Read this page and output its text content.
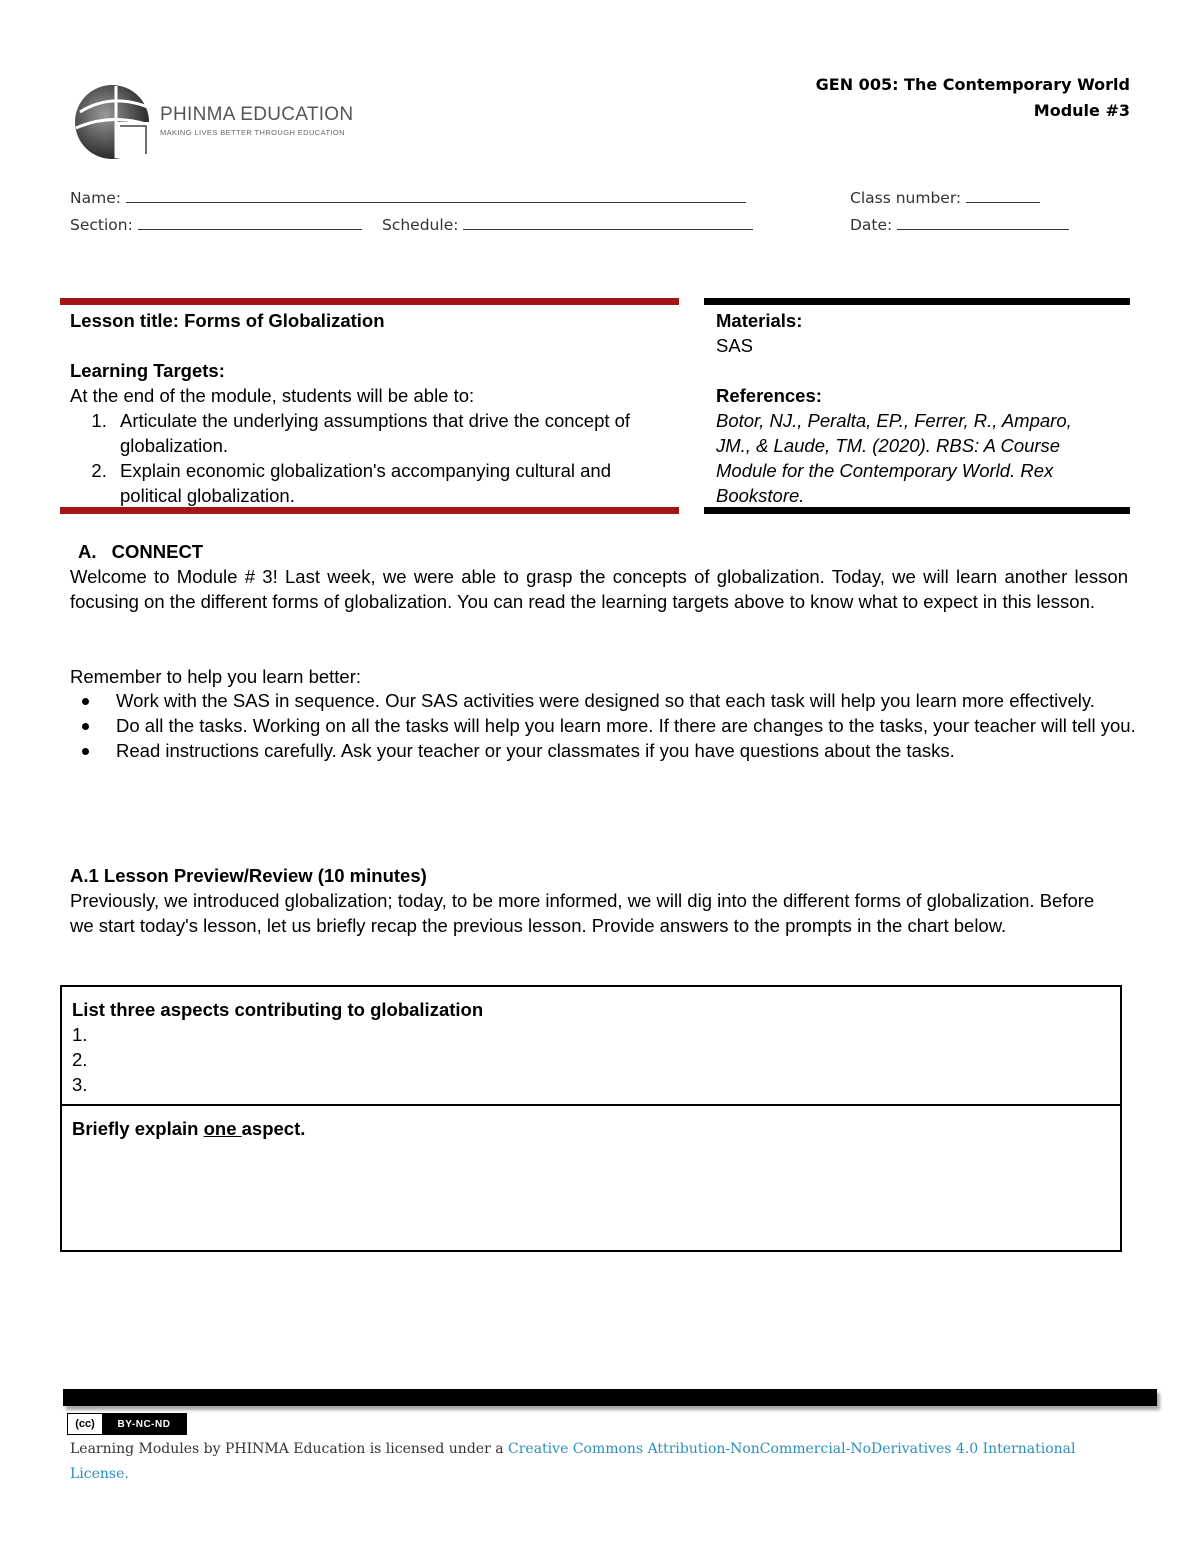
PHINMA EDUCATION
MAKING LIVES BETTER THROUGH EDUCATION
GEN 005: The Contemporary World
Module #3
Name:	Class number:
Section:	Schedule:	Date:
Lesson title: Forms of Globalization
Learning Targets:
At the end of the module, students will be able to:
1. Articulate the underlying assumptions that drive the concept of globalization.
2. Explain economic globalization's accompanying cultural and political globalization.
Materials:
SAS
References:
Botor, NJ., Peralta, EP., Ferrer, R., Amparo, JM., & Laude, TM. (2020). RBS: A Course Module for the Contemporary World. Rex Bookstore.
A. CONNECT
Welcome to Module # 3! Last week, we were able to grasp the concepts of globalization. Today, we will learn another lesson focusing on the different forms of globalization. You can read the learning targets above to know what to expect in this lesson.
Remember to help you learn better:
Work with the SAS in sequence. Our SAS activities were designed so that each task will help you learn more effectively.
Do all the tasks. Working on all the tasks will help you learn more. If there are changes to the tasks, your teacher will tell you.
Read instructions carefully. Ask your teacher or your classmates if you have questions about the tasks.
A.1 Lesson Preview/Review (10 minutes)
Previously, we introduced globalization; today, to be more informed, we will dig into the different forms of globalization. Before we start today's lesson, let us briefly recap the previous lesson. Provide answers to the prompts in the chart below.
List three aspects contributing to globalization
1.
2.
3.
Briefly explain one aspect.
(cc)	BY-NC-ND
Learning Modules by PHINMA Education is licensed under a Creative Commons Attribution-NonCommercial-NoDerivatives 4.0 International License.
